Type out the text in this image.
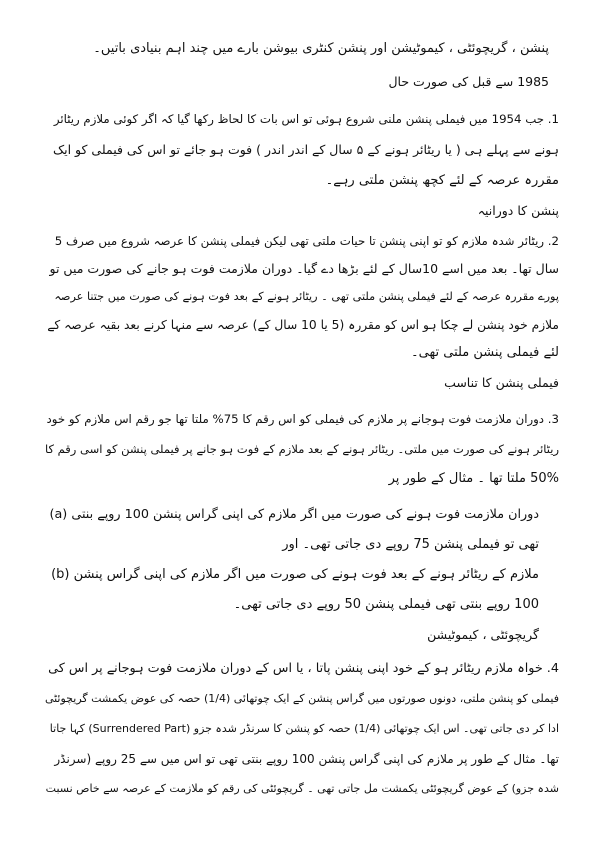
پنشن ، گریچوئٹی ، کیموٹیشن اور پنشن کنٹری بیوشن بارے میں چند اہم بنیادی باتیں۔
1985 سے قبل کی صورت حال
1. جب 1954 میں فیملی پنشن ملنی شروع ہوئی تو اس بات کا لحاظ رکھا گیا کہ اگر کوئی ملازم ریٹائر
ہونے سے پہلے ہی ( یا ریٹائر ہونے کے ۵ سال کے اندر اندر ) فوت ہو جائے تو اس کی فیملی کو ایک
مقررہ عرصہ کے لئے کچھ پنشن ملتی رہے۔
پنشن کا دورانیہ
2. ریٹائر شدہ ملازم کو تو اپنی پنشن تا حیات ملتی تھی لیکن فیملی پنشن کا عرصہ شروع میں صرف 5
سال تھا۔ بعد میں اسے 10سال کے لئے بڑھا دے گیا۔ دوران ملازمت فوت ہو جانے کی صورت میں تو
پورے مقررہ عرصہ کے لئے فیملی پنشن ملتی تھی ۔ ریٹائر ہونے کے بعد فوت ہونے کی صورت میں جتنا عرصہ
ملازم خود پنشن لے چکا ہو اس کو مقررہ (5 یا 10 سال کے) عرصہ سے منہا کرنے بعد بقیہ عرصہ کے
لئے فیملی پنشن ملتی تھی۔
فیملی پنشن کا تناسب
3. دوران ملازمت فوت ہوجانے پر ملازم کی فیملی کو اس رقم کا 75% ملتا تھا جو رقم اس ملازم کو خود
ریٹائر ہونے کی صورت میں ملتی۔ ریٹائر ہونے کے بعد ملازم کے فوت ہو جانے پر فیملی پنشن کو اسی رقم کا
50% ملتا تھا ۔ مثال کے طور پر
(a) دوران ملازمت فوت ہونے کی صورت میں اگر ملازم کی اپنی گراس پنشن 100 روپے بنتی
تھی تو فیملی پنشن 75 روپے دی جاتی تھی۔ اور
(b) ملازم کے ریٹائر ہونے کے بعد فوت ہونے کی صورت میں اگر ملازم کی اپنی گراس پنشن
100 روپے بنتی تھی فیملی پنشن 50 روپے دی جاتی تھی۔
گریچوئٹی ، کیموٹیشن
4. خواہ ملازم ریٹائر ہو کے خود اپنی پنشن پاتا ، یا اس کے دوران ملازمت فوت ہوجانے پر اس کی
فیملی کو پنشن ملتی، دونوں صورتوں میں گراس پنشن کے ایک چوتھائی (1/4) حصہ کی عوض یکمشت گریچوئٹی
ادا کر دی جاتی تھی۔ اس ایک چوتھائی (1/4) حصہ کو پنشن کا سرنڈر شدہ جزو (Surrendered Part) کہا جاتا
تھا۔ مثال کے طور پر ملازم کی اپنی گراس پنشن 100 روپے بنتی تھی تو اس میں سے 25 روپے (سرنڈر
شدہ جزو) کے عوض گریچوئٹی یکمشت مل جاتی تھی ۔ گریچوئٹی کی رقم کو ملازمت کے عرصہ سے خاص نسبت
